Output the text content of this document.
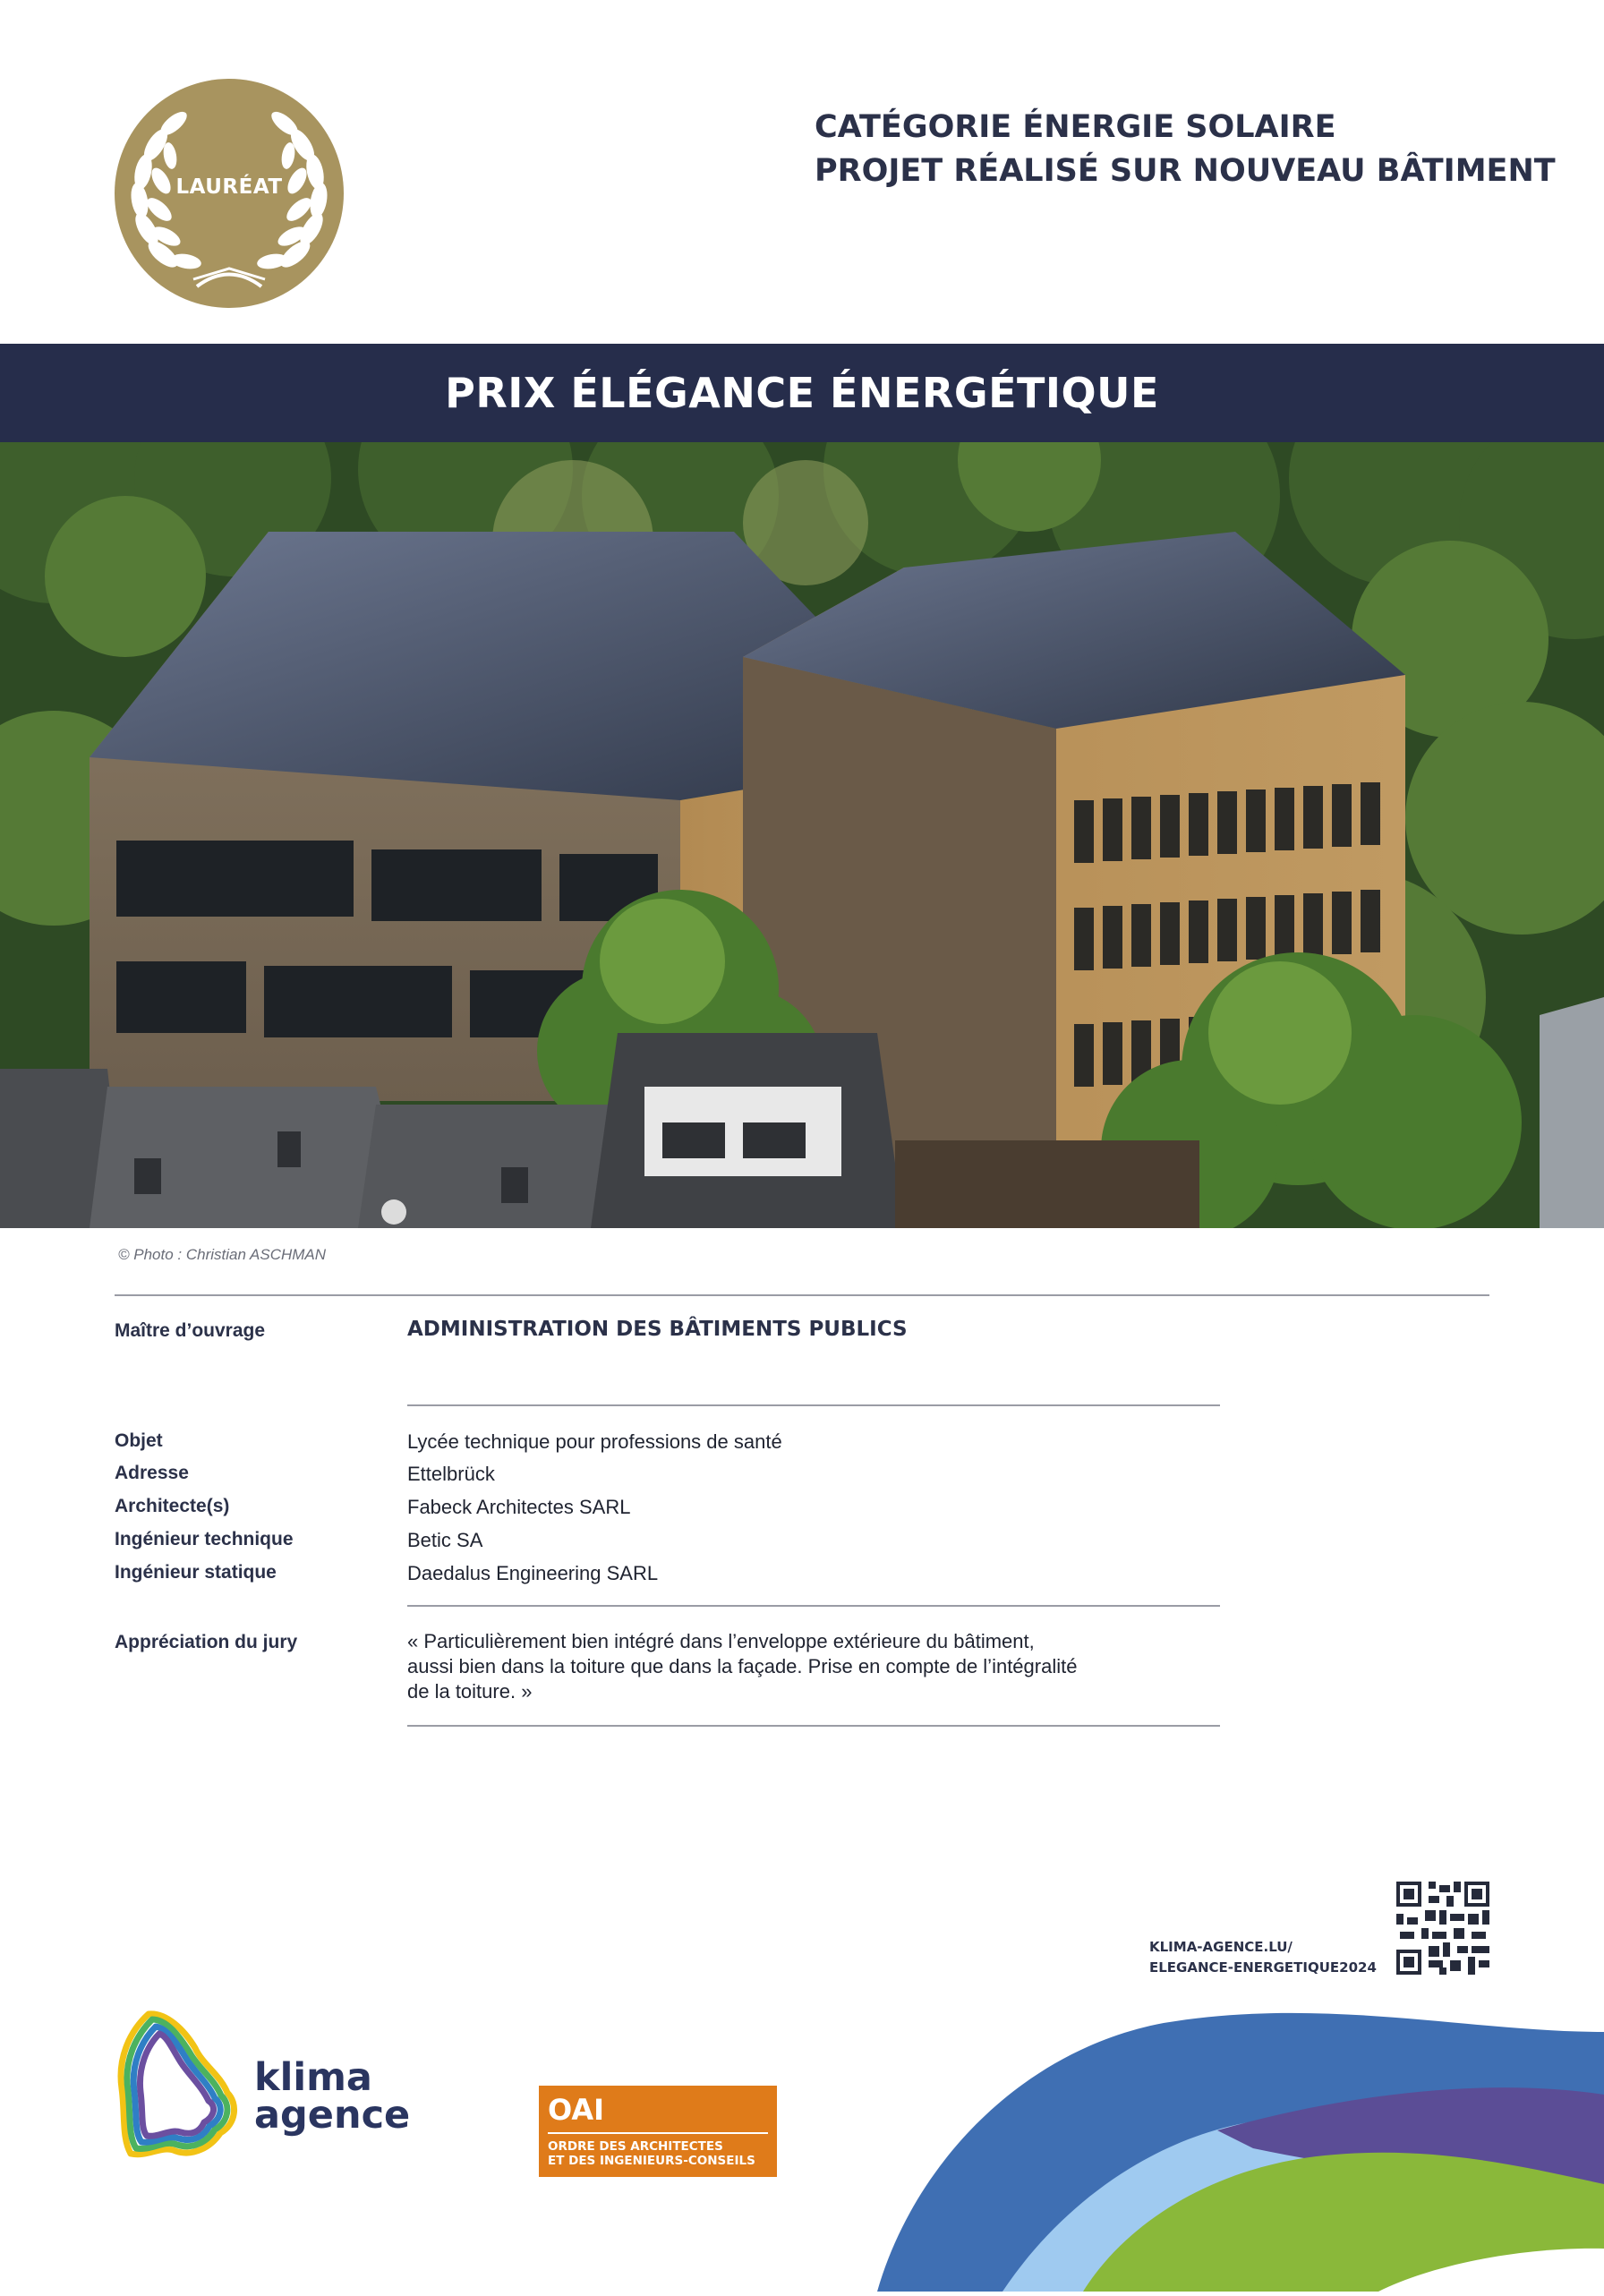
LAURÉAT
CATÉGORIE ÉNERGIE SOLAIRE
PROJET RÉALISÉ SUR NOUVEAU BÂTIMENT
PRIX ÉLÉGANCE ÉNERGÉTIQUE
© Photo : Christian ASCHMAN
Maître d’ouvrage	ADMINISTRATION DES BÂTIMENTS PUBLICS
Objet	Lycée technique pour professions de santé
Adresse	Ettelbrück
Architecte(s)	Fabeck Architectes SARL
Ingénieur technique	Betic SA
Ingénieur statique	Daedalus Engineering SARL
Appréciation du jury	« Particulièrement bien intégré dans l’enveloppe extérieure du bâtiment,
aussi bien dans la toiture que dans la façade. Prise en compte de l’intégralité
de la toiture. »
KLIMA-AGENCE.LU/
ELEGANCE-ENERGETIQUE2024
klima
agence	OAI
ORDRE DES ARCHITECTES
ET DES INGENIEURS-CONSEILS
